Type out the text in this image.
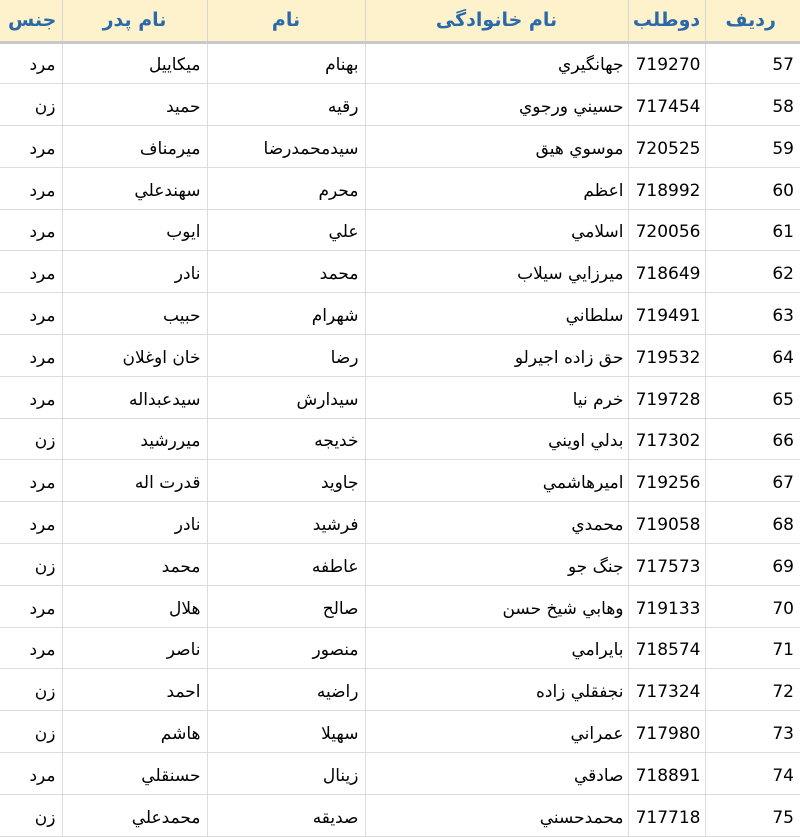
جنس	نام پدر	نام	نام خانوادگی	دوطلب	ردیف
مرد	میکاییل	بهنام	جهانگیري	719270	57
زن	حمید	رقیه	حسیني ورجوي	717454	58
مرد	میرمناف	سیدمحمدرضا	موسوي هیق	720525	59
مرد	سهندعلي	محرم	اعظم	718992	60
مرد	ایوب	علي	اسلامي	720056	61
مرد	نادر	محمد	میرزایي سیلاب	718649	62
مرد	حبیب	شهرام	سلطاني	719491	63
مرد	خان اوغلان	رضا	حق زاده اجیرلو	719532	64
مرد	سیدعبداله	سیدارش	خرم نیا	719728	65
زن	میررشید	خدیجه	بدلي اویني	717302	66
مرد	قدرت اله	جاوید	امیرهاشمي	719256	67
مرد	نادر	فرشید	محمدي	719058	68
زن	محمد	عاطفه	جنگ جو	717573	69
مرد	هلال	صالح	وهابي شیخ حسن	719133	70
مرد	ناصر	منصور	بایرامي	718574	71
زن	احمد	راضیه	نجفقلي زاده	717324	72
زن	هاشم	سهیلا	عمراني	717980	73
مرد	حسنقلي	زینال	صادقي	718891	74
زن	محمدعلي	صدیقه	محمدحسني	717718	75
